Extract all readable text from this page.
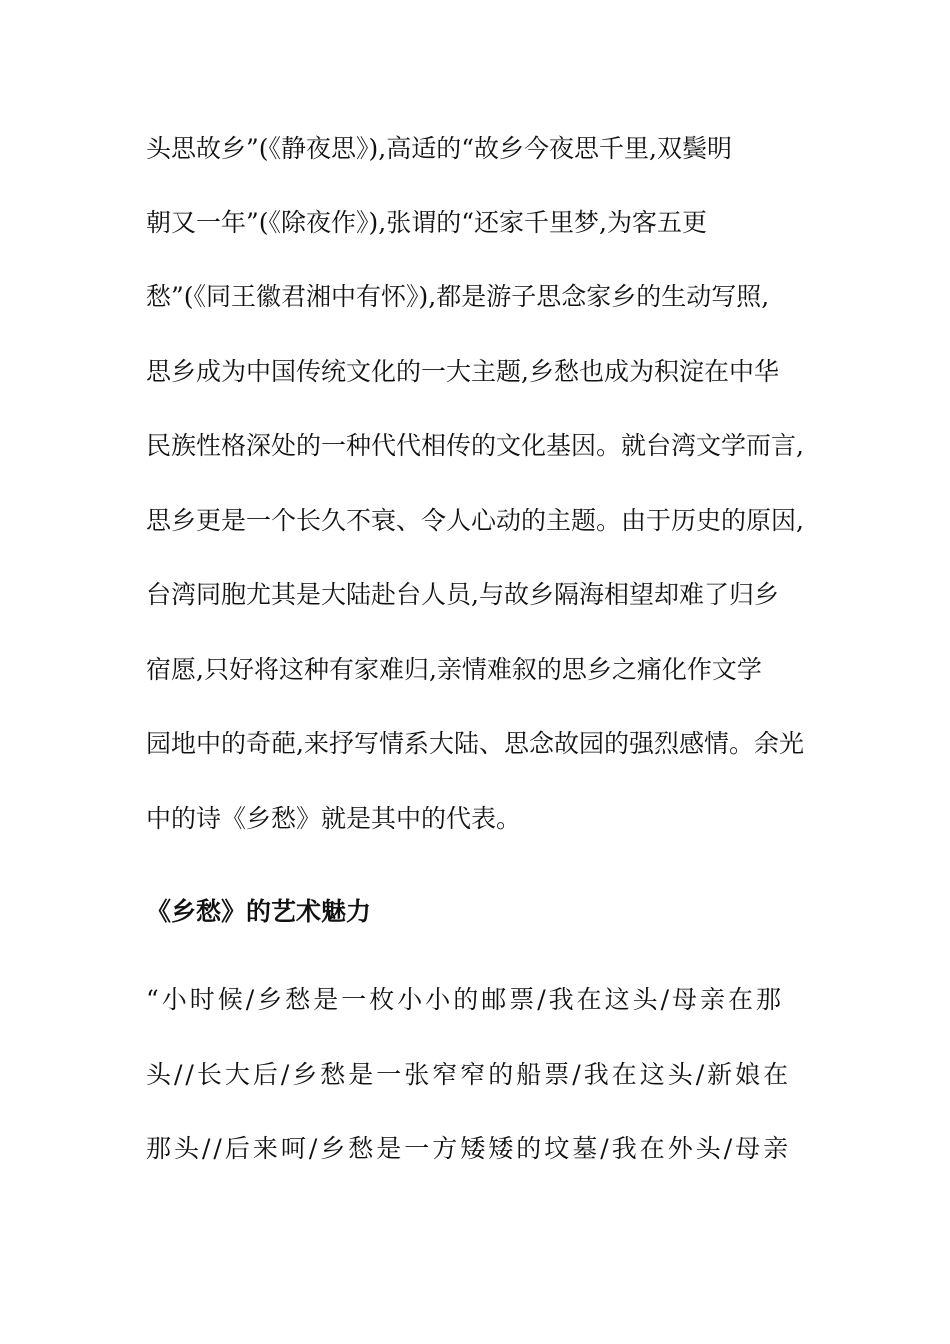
头思故乡”(《静夜思》),高适的“故乡今夜思千里,双鬓明
朝又一年”(《除夜作》),张谓的“还家千里梦,为客五更
愁”(《同王徽君湘中有怀》),都是游子思念家乡的生动写照,
思乡成为中国传统文化的一大主题,乡愁也成为积淀在中华
民族性格深处的一种代代相传的文化基因。就台湾文学而言,
思乡更是一个长久不衰、令人心动的主题。由于历史的原因,
台湾同胞尤其是大陆赴台人员,与故乡隔海相望却难了归乡
宿愿,只好将这种有家难归,亲情难叙的思乡之痛化作文学
园地中的奇葩,来抒写情系大陆、思念故园的强烈感情。余光
中的诗《乡愁》就是其中的代表。
《乡愁》的艺术魅力
“小时候/乡愁是一枚小小的邮票/我在这头/母亲在那
头//长大后/乡愁是一张窄窄的船票/我在这头/新娘在
那头//后来呵/乡愁是一方矮矮的坟墓/我在外头/母亲
